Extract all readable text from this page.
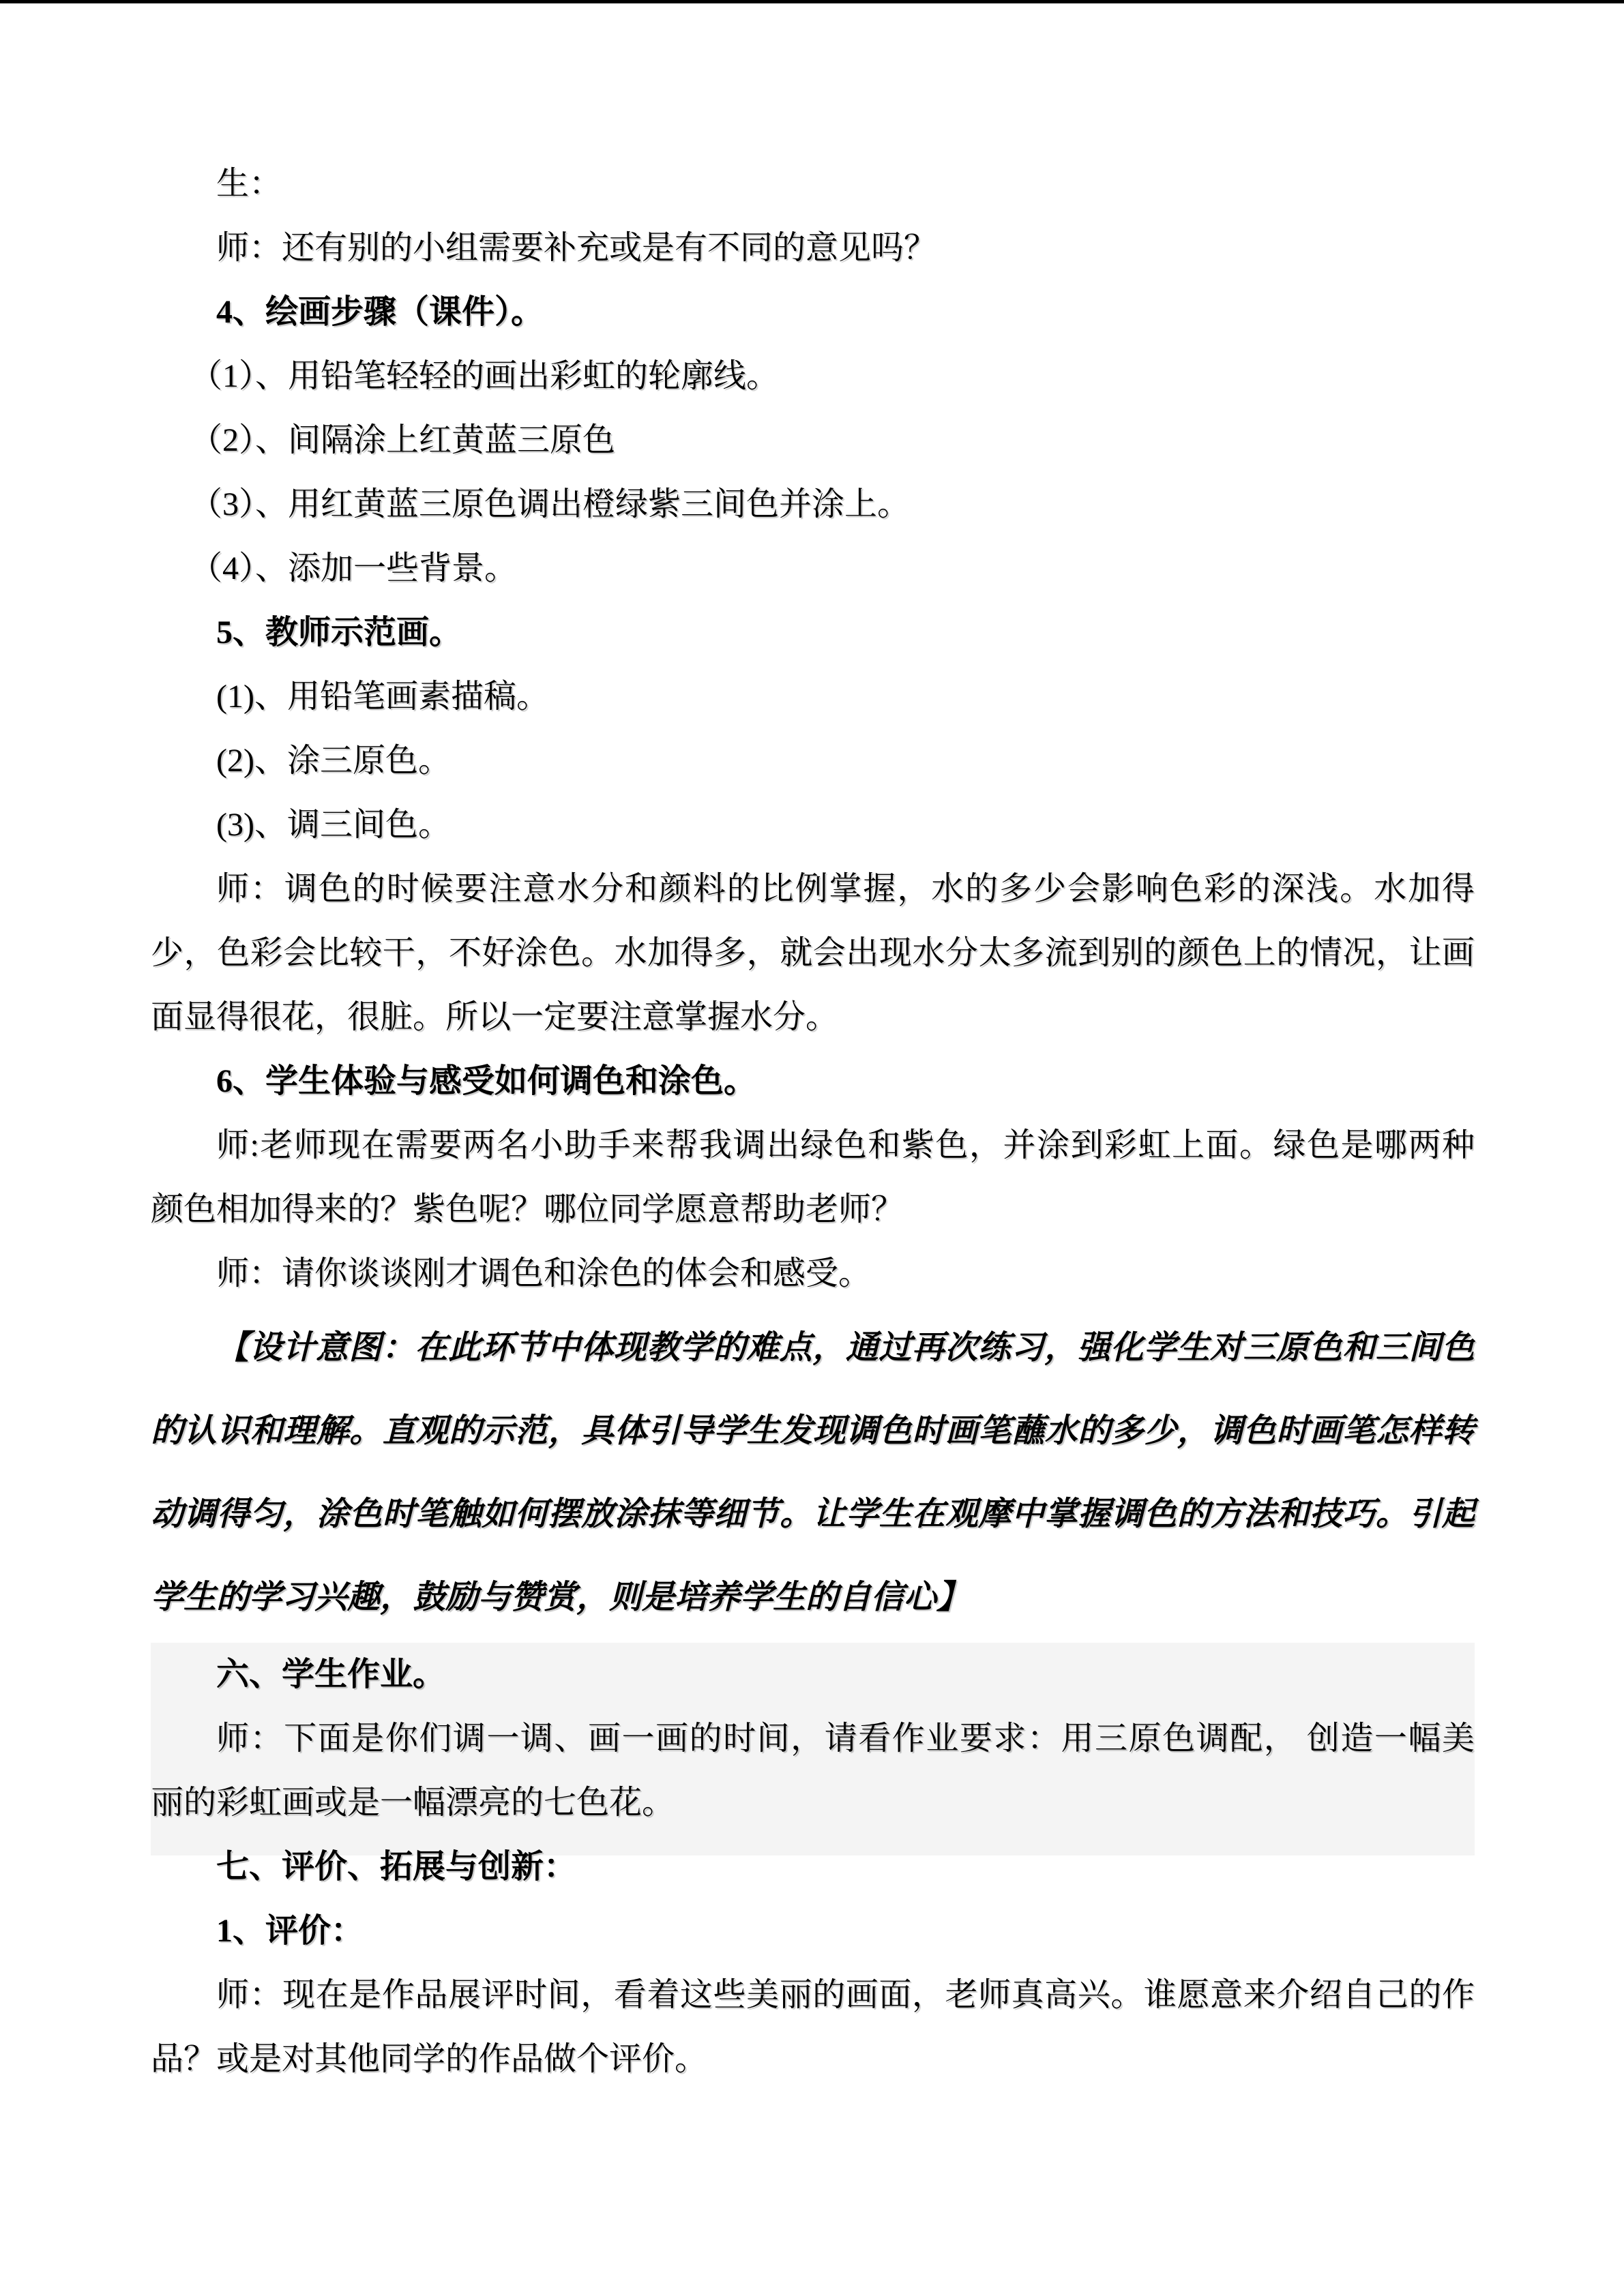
生：
师：还有别的小组需要补充或是有不同的意见吗？
4、绘画步骤（课件）。
（1）、用铅笔轻轻的画出彩虹的轮廓线。
（2）、间隔涂上红黄蓝三原色
（3）、用红黄蓝三原色调出橙绿紫三间色并涂上。
（4）、添加一些背景。
5、教师示范画。
(1)、用铅笔画素描稿。
(2)、涂三原色。
(3)、调三间色。
师：调色的时候要注意水分和颜料的比例掌握，水的多少会影响色彩的深浅。水加得
少，色彩会比较干，不好涂色。水加得多，就会出现水分太多流到别的颜色上的情况，让画
面显得很花，很脏。所以一定要注意掌握水分。
6、学生体验与感受如何调色和涂色。
师:老师现在需要两名小助手来帮我调出绿色和紫色，并涂到彩虹上面。绿色是哪两种
颜色相加得来的？紫色呢？哪位同学愿意帮助老师？
师：请你谈谈刚才调色和涂色的体会和感受。
【设计意图：在此环节中体现教学的难点，通过再次练习，强化学生对三原色和三间色
的认识和理解。直观的示范，具体引导学生发现调色时画笔蘸水的多少，调色时画笔怎样转
动调得匀，涂色时笔触如何摆放涂抹等细节。让学生在观摩中掌握调色的方法和技巧。引起
学生的学习兴趣，鼓励与赞赏，则是培养学生的自信心】
六、学生作业。
师：下面是你们调一调、画一画的时间，请看作业要求：用三原色调配， 创造一幅美
丽的彩虹画或是一幅漂亮的七色花。
七、评价、拓展与创新：
1、评价：
师：现在是作品展评时间，看着这些美丽的画面，老师真高兴。谁愿意来介绍自己的作
品？或是对其他同学的作品做个评价。
